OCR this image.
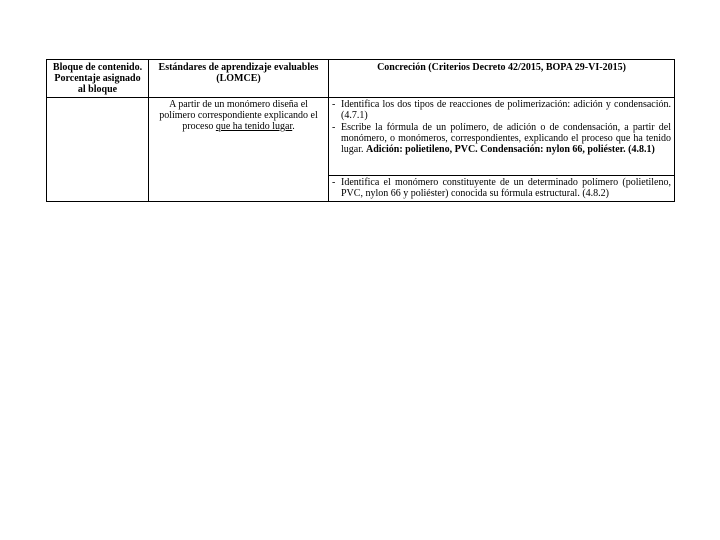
Bloque de contenido. Porcentaje asignado al bloque	Estándares de aprendizaje evaluables (LOMCE)	Concreción (Criterios Decreto 42/2015, BOPA 29-VI-2015)
	A partir de un monómero diseña el polímero correspondiente explicando el proceso que ha tenido lugar.	- Identifica los dos tipos de reacciones de polimerización: adición y condensación. (4.7.1)

- Escribe la fórmula de un polímero, de adición o de condensación, a partir del monómero, o monómeros, correspondientes, explicando el proceso que ha tenido lugar. Adición: polietileno, PVC. Condensación: nylon 66, poliéster. (4.8.1)

		- Identifica el monómero constituyente de un determinado polímero (polietileno, PVC, nylon 66 y poliéster) conocida su fórmula estructural. (4.8.2)
